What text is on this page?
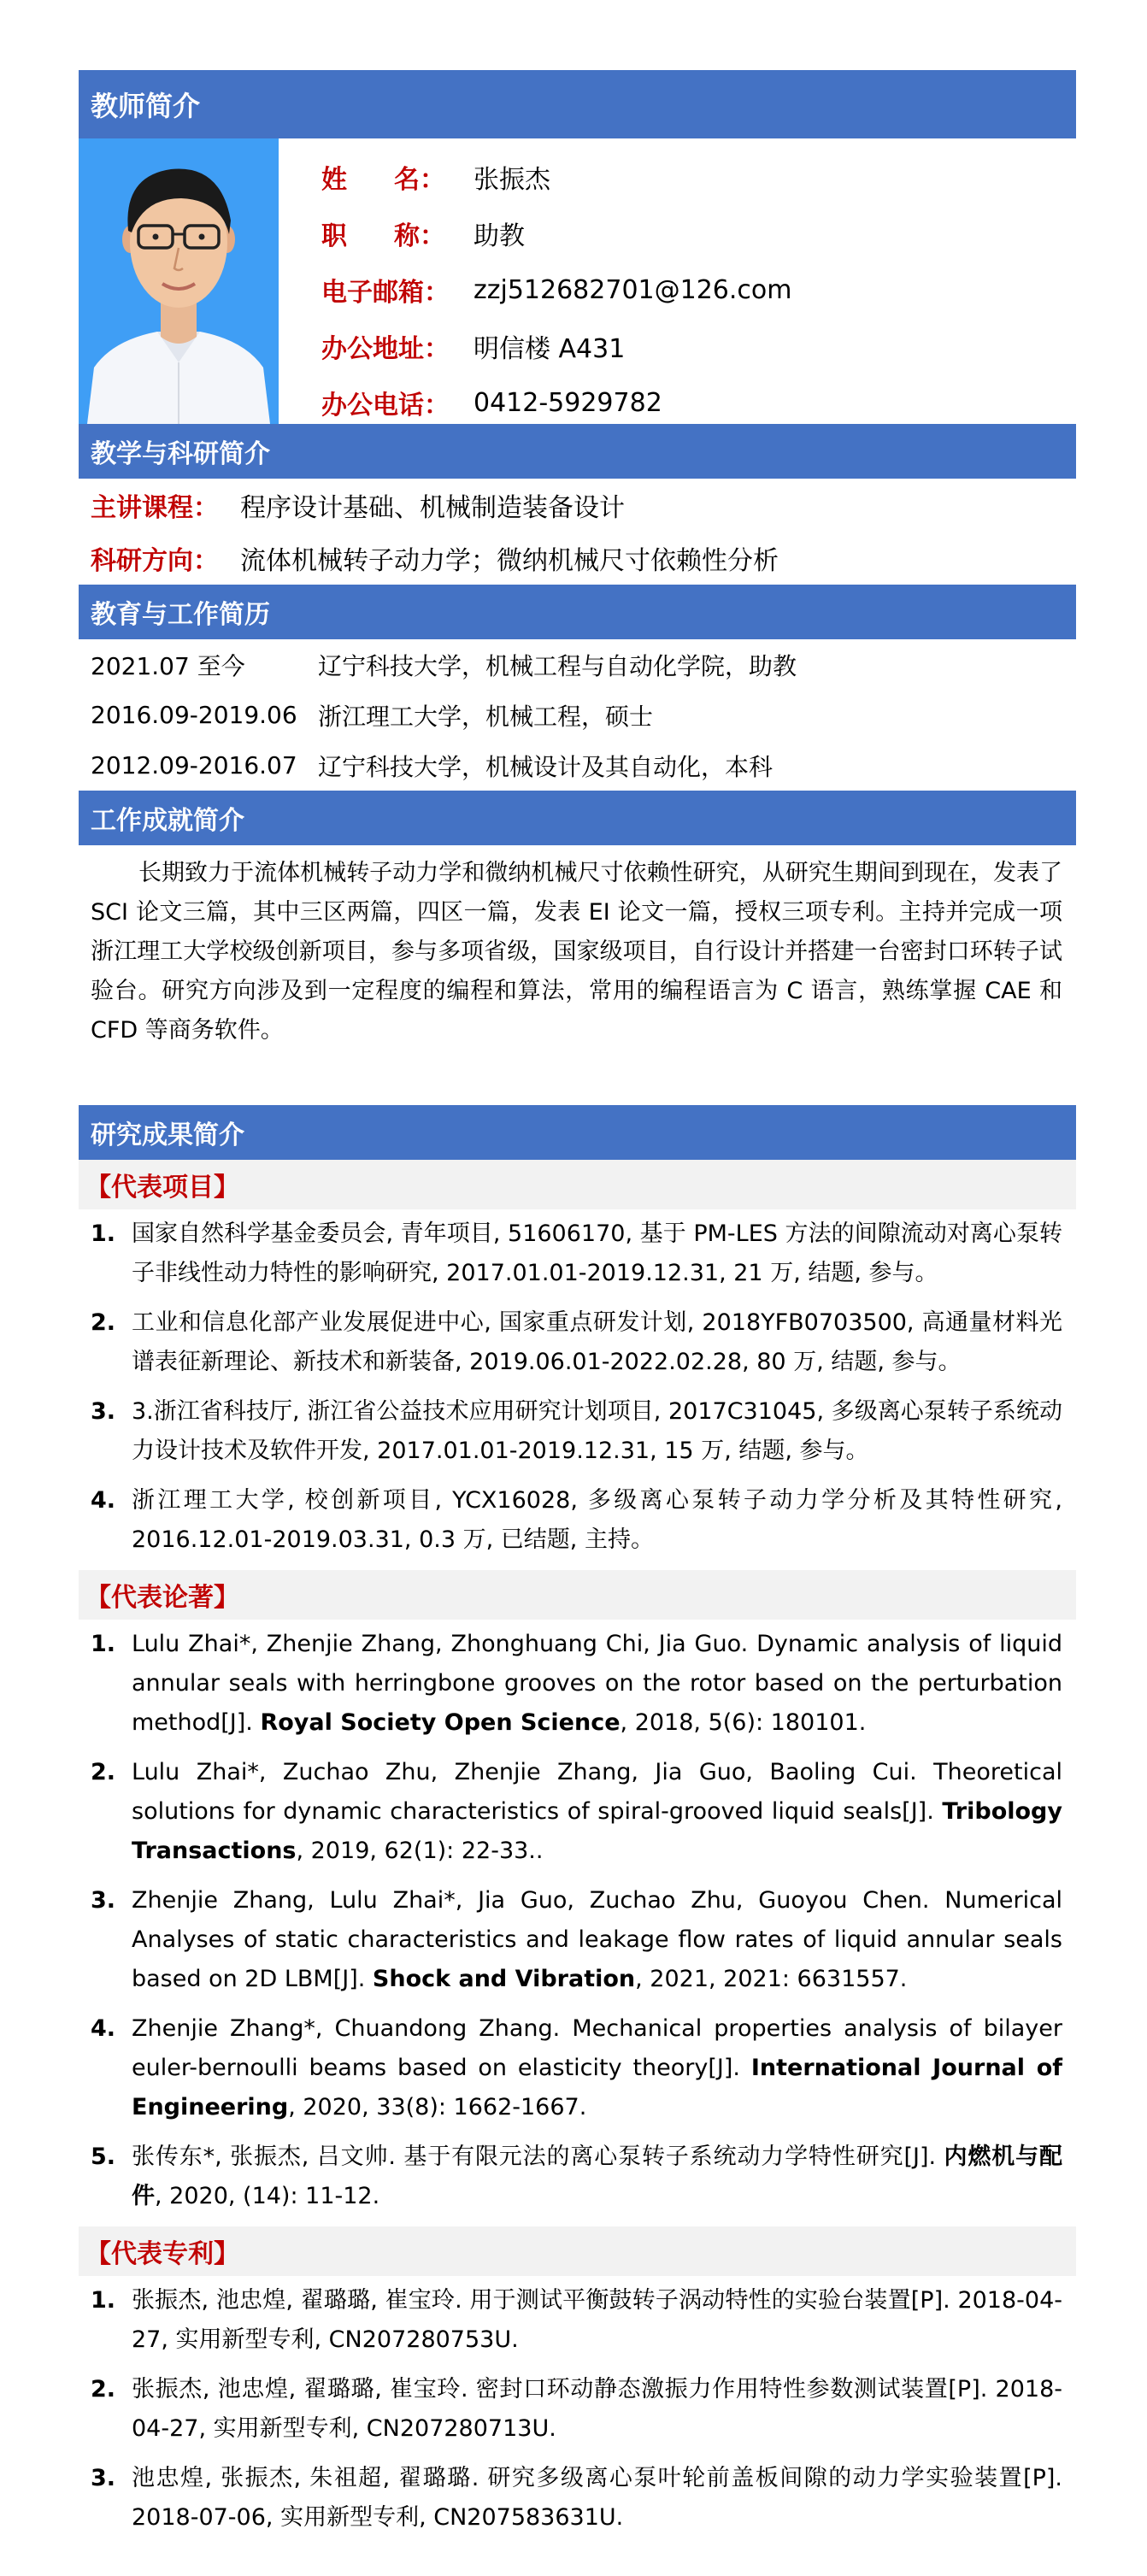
教师简介
姓 名： 张振杰
职 称： 助教
电子邮箱： zzj512682701@126.com
办公地址： 明信楼 A431
办公电话： 0412-5929782
教学与科研简介
主讲课程： 程序设计基础、机械制造装备设计
科研方向： 流体机械转子动力学；微纳机械尺寸依赖性分析
教育与工作简历
2021.07 至今	辽宁科技大学，机械工程与自动化学院，助教
2016.09-2019.06 浙江理工大学，机械工程，硕士
2012.09-2016.07 辽宁科技大学，机械设计及其自动化，本科
工作成就简介
长期致力于流体机械转子动力学和微纳机械尺寸依赖性研究，从研究生期间到现在，发表了 SCI 论文三篇，其中三区两篇，四区一篇，发表 EI 论文一篇，授权三项专利。主持并完成一项浙江理工大学校级创新项目，参与多项省级，国家级项目，自行设计并搭建一台密封口环转子试验台。研究方向涉及到一定程度的编程和算法，常用的编程语言为 C 语言，熟练掌握 CAE 和 CFD 等商务软件。
研究成果简介
【代表项目】
1. 国家自然科学基金委员会, 青年项目, 51606170, 基于 PM-LES 方法的间隙流动对离心泵转子非线性动力特性的影响研究, 2017.01.01-2019.12.31, 21 万, 结题, 参与。
2. 工业和信息化部产业发展促进中心, 国家重点研发计划, 2018YFB0703500, 高通量材料光谱表征新理论、新技术和新装备, 2019.06.01-2022.02.28, 80 万, 结题, 参与。
3. 3.浙江省科技厅, 浙江省公益技术应用研究计划项目, 2017C31045, 多级离心泵转子系统动力设计技术及软件开发, 2017.01.01-2019.12.31, 15 万, 结题, 参与。
4. 浙江理工大学, 校创新项目, YCX16028, 多级离心泵转子动力学分析及其特性研究, 2016.12.01-2019.03.31, 0.3 万, 已结题, 主持。
【代表论著】
1. Lulu Zhai*, Zhenjie Zhang, Zhonghuang Chi, Jia Guo. Dynamic analysis of liquid annular seals with herringbone grooves on the rotor based on the perturbation method[J]. Royal Society Open Science, 2018, 5(6): 180101.
2. Lulu Zhai*, Zuchao Zhu, Zhenjie Zhang, Jia Guo, Baoling Cui. Theoretical solutions for dynamic characteristics of spiral-grooved liquid seals[J]. Tribology Transactions, 2019, 62(1): 22-33..
3. Zhenjie Zhang, Lulu Zhai*, Jia Guo, Zuchao Zhu, Guoyou Chen. Numerical Analyses of static characteristics and leakage flow rates of liquid annular seals based on 2D LBM[J]. Shock and Vibration, 2021, 2021: 6631557.
4. Zhenjie Zhang*, Chuandong Zhang. Mechanical properties analysis of bilayer euler-bernoulli beams based on elasticity theory[J]. International Journal of Engineering, 2020, 33(8): 1662-1667.
5. 张传东*, 张振杰, 吕文帅. 基于有限元法的离心泵转子系统动力学特性研究[J]. 内燃机与配件, 2020, (14): 11-12.
【代表专利】
1. 张振杰, 池忠煌, 翟璐璐, 崔宝玲. 用于测试平衡鼓转子涡动特性的实验台装置[P]. 2018-04-27, 实用新型专利, CN207280753U.
2. 张振杰, 池忠煌, 翟璐璐, 崔宝玲. 密封口环动静态激振力作用特性参数测试装置[P]. 2018-04-27, 实用新型专利, CN207280713U.
3. 池忠煌, 张振杰, 朱祖超, 翟璐璐. 研究多级离心泵叶轮前盖板间隙的动力学实验装置[P]. 2018-07-06, 实用新型专利, CN207583631U.
